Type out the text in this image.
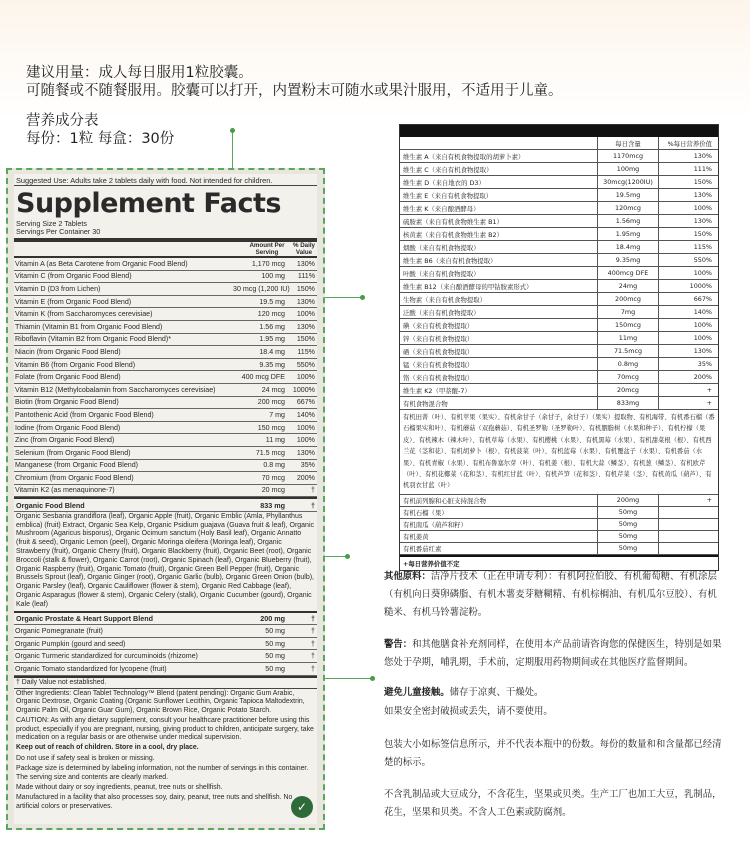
建议用量：成人每日服用1粒胶囊。
可随餐或不随餐服用。胶囊可以打开，内置粉末可随水或果汁服用，不适用于儿童。
营养成分表
每份：1粒 每盒：30份
Suggested Use: Adults take 2 tablets daily with food. Not intended for children.
Supplement Facts
Serving Size 2 Tablets
Servings Per Container 30
Amount Per Serving
% Daily Value
Vitamin A (as Beta Carotene from Organic Food Blend)	1,170 mcg	130%
Vitamin C (from Organic Food Blend)	100 mg	111%
Vitamin D (D3 from Lichen)	30 mcg (1,200 IU) 150%
Vitamin E (from Organic Food Blend)	19.5 mg	130%
Vitamin K (from Saccharomyces cerevisiae)	120 mcg	100%
Thiamin (Vitamin B1 from Organic Food Blend)	1.56 mg	130%
Riboflavin (Vitamin B2 from Organic Food Blend)*	1.95 mg	150%
Niacin (from Organic Food Blend)	18.4 mg	115%
Vitamin B6 (from Organic Food Blend)	9.35 mg	550%
Folate (from Organic Food Blend)	400 mcg DFE	100%
Vitamin B12 (Methylcobalamin from Saccharomyces cerevisiae)	24 mcg	1000%
Biotin (from Organic Food Blend)	200 mcg	667%
Pantothenic Acid (from Organic Food Blend)	7 mg	140%
Iodine (from Organic Food Blend)	150 mcg	100%
Zinc (from Organic Food Blend)	11 mg	100%
Selenium (from Organic Food Blend)	71.5 mcg	130%
Manganese (from Organic Food Blend)	0.8 mg	35%
Chromium (from Organic Food Blend)	70 mcg	200%
Vitamin K2 (as menaquinone-7)	20 mcg	†
Organic Food Blend	833 mg	†
Organic Sesbania grandiflora (leaf), Organic Apple (fruit), Organic Emblic (Amla, Phyllanthus emblica) (fruit) Extract, Organic Sea Kelp, Organic Psidium guajava (Guava fruit & leaf), Organic Mushroom (Agaricus bisporus), Organic Ocimum sanctum (Holy Basil leaf), Organic Annatto (fruit & seed), Organic Lemon (peel), Organic Moringa oleifera (Moringa leaf), Organic Strawberry (fruit), Organic Cherry (fruit), Organic Blackberry (fruit), Organic Beet (root), Organic Broccoli (stalk & flower), Organic Carrot (root), Organic Spinach (leaf), Organic Blueberry (fruit), Organic Raspberry (fruit), Organic Tomato (fruit), Organic Green Bell Pepper (fruit), Organic Brussels Sprout (leaf), Organic Ginger (root), Organic Garlic (bulb), Organic Green Onion (bulb), Organic Parsley (leaf), Organic Cauliflower (flower & stem), Organic Red Cabbage (leaf), Organic Asparagus (flower & stem), Organic Celery (stalk), Organic Cucumber (gourd), Organic Kale (leaf)
Organic Prostate & Heart Support Blend	200 mg	†
Organic Pomegranate (fruit)	50 mg	†
Organic Pumpkin (gourd and seed)	50 mg	†
Organic Turmeric standardized for curcuminoids (rhizome)	50 mg	†
Organic Tomato standardized for lycopene (fruit)	50 mg	†
† Daily Value not established.
Other Ingredients: Clean Tablet Technology™ Blend (patent pending): Organic Gum Arabic, Organic Dextrose, Organic Coating (Organic Sunflower Lecithin, Organic Tapioca Maltodextrin, Organic Palm Oil, Organic Guar Gum), Organic Brown Rice, Organic Potato Starch.
CAUTION: As with any dietary supplement, consult your healthcare practitioner before using this product, especially if you are pregnant, nursing, giving product to children, anticipate surgery, take medication on a regular basis or are otherwise under medical supervision.
Keep out of reach of children. Store in a cool, dry place.
Do not use if safety seal is broken or missing.
Package size is determined by labeling information, not the number of servings in this container. The serving size and contents are clearly marked.
Made without dairy or soy ingredients, peanut, tree nuts or shellfish.
Manufactured in a facility that also processes soy, dairy, peanut, tree nuts and shellfish. No artificial colors or preservatives.	✓
每日含量	%每日营养价值
维生素 A（来自有机食物提取的胡萝卜素）	1170mcg	130%
维生素 C（来自有机食物提取）	100mg	111%
维生素 D（来自地衣的 D3）	30mcg(1200IU)	150%
维生素 E（来自有机食物提取）	19.5mg	130%
维生素 K（来自酿酒酵母）	120mcg	100%
硫胺素（来自有机食物维生素 B1）	1.56mg	130%
核黄素（来自有机食物维生素 B2）	1.95mg	150%
烟酸（来自有机食物提取）	18.4mg	115%
维生素 B6（来自有机食物提取）	9.35mg	550%
叶酸（来自有机食物提取）	400mcg DFE	100%
维生素 B12（来自酿酒酵母的甲钴胺素形式）	24mg	1000%
生物素（来自有机食物提取）	200mcg	667%
泛酸（来自有机食物提取）	7mg	140%
碘（来自有机食物提取）	150mcg	100%
锌（来自有机食物提取）	11mg	100%
硒（来自有机食物提取）	71.5mcg	130%
锰（来自有机食物提取）	0.8mg	35%
铬（来自有机食物提取）	70mcg	200%
维生素 K2（甲萘醌-7）	20mcg	+
有机食物混合物	833mg	+
有机田菁（叶）、有机苹果（果实）、有机余甘子（余甘子，余甘子）（果实）提取物、有机海带、有机番石榴（番石榴果实和叶）、有机蘑菇（双孢蘑菇）、有机圣罗勒（圣罗勒叶）、有机胭脂树（水果和种子）、有机柠檬（果皮）、有机辣木（辣木叶）、有机草莓（水果）、有机樱桃（水果）、有机黑莓（水果）、有机甜菜根（根）、有机西兰花（茎和花）、有机胡萝卜（根）、有机菠菜（叶）、有机蓝莓（水果）、有机覆盆子（水果）、有机番茄（水果）、有机青椒（水果）、有机布鲁塞尔芽（叶）、有机姜（根）、有机大蒜（鳞茎）、有机葱（鳞茎）、有机欧芹（叶）、有机花椰菜（花和茎）、有机红甘蓝（叶）、有机芦笋（花和茎）、有机芹菜（茎）、有机黄瓜（葫芦）、有机羽衣甘蓝（叶）
有机前列腺和心脏支持混合物	200mg	+
有机石榴（果）	50mg
有机南瓜（葫芦和籽）	50mg
有机姜黄	50mg
有机番茄红素	50mg
+每日营养价值不定
其他原料：洁净片技术（正在申请专利）：有机阿拉伯胶、有机葡萄糖、有机涂层（有机向日葵卵磷脂、有机木薯麦芽糖糊精、有机棕榈油、有机瓜尔豆胶）、有机糙米、有机马铃薯淀粉。
警告：和其他膳食补充剂同样，在使用本产品前请咨询您的保健医生，特别是如果您处于孕期，哺乳期，手术前，定期服用药物期间或在其他医疗监督期间。
避免儿童接触。储存于凉爽、干燥处。
如果安全密封破损或丢失，请不要使用。
包装大小如标签信息所示，并不代表本瓶中的份数。每份的数量和和含量都已经清楚的标示。
不含乳制品或大豆成分，不含花生，坚果或贝类。生产工厂也加工大豆，乳制品，花生，坚果和贝类。不含人工色素或防腐剂。
